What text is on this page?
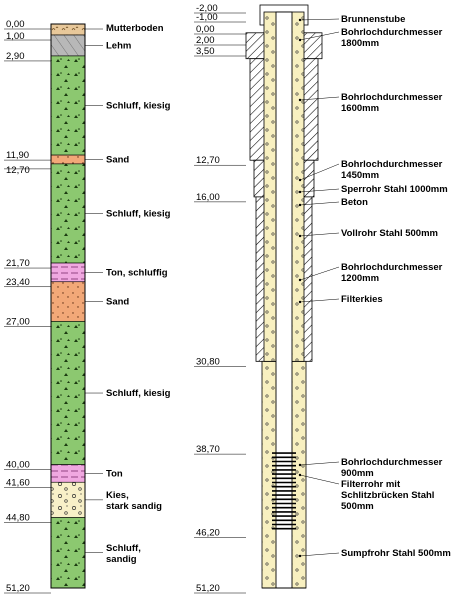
Mutterboden
Lehm
Schluff, kiesig
Sand
Schluff, kiesig
Ton, schluffig
Sand
Schluff, kiesig
Ton
Kies, stark sandig
Schluff, sandig
0,00
1,00
2,90
11,90
12,70
21,70
23,40
27,00
40,00
41,60
44,80
51,20
-2,00
-1,00
0,00
2,00
3,50
12,70
16,00
30,80
38,70
46,20
51,20
Brunnenstube
Bohrlochdurchmesser 1800mm
Bohrlochdurchmesser 1600mm
Bohrlochdurchmesser 1450mm
Sperrohr Stahl 1000mm
Beton
Vollrohr Stahl 500mm
Bohrlochdurchmesser 1200mm
Filterkies
Bohrlochdurchmesser 900mm
Filterrohr mit Schlitzbrücken Stahl 500mm
Sumpfrohr Stahl 500mm
